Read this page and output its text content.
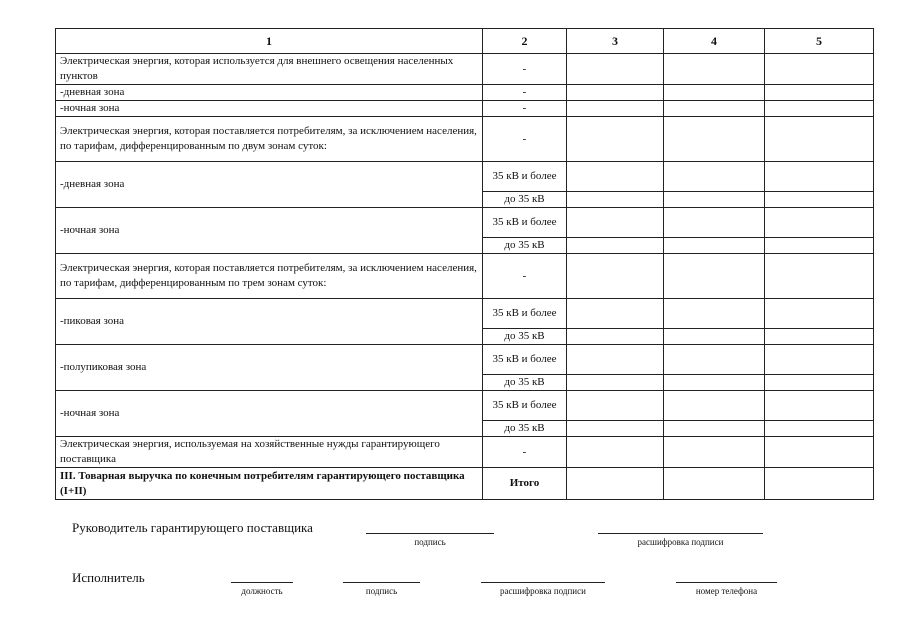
1	2	3	4	5
Электрическая энергия, которая используется для внешнего освещения населенных пунктов	-			
-дневная зона	-			
-ночная зона	-			
Электрическая энергия, которая поставляется потребителям, за исключением населения, по тарифам, дифференцированным по двум зонам суток:	-			
-дневная зона	35 кВ и более			
	до 35 кВ			
-ночная зона	35 кВ и более			
	до 35 кВ			
Электрическая энергия, которая поставляется потребителям, за исключением населения, по тарифам, дифференцированным по трем зонам суток:	-			
-пиковая зона	35 кВ и более			
	до 35 кВ			
-полупиковая зона	35 кВ и более			
	до 35 кВ			
-ночная зона	35 кВ и более			
	до 35 кВ			
Электрическая энергия, используемая на хозяйственные нужды гарантирующего поставщика	-			
III. Товарная выручка по конечным потребителям гарантирующего поставщика (I+II)	Итого			
Руководитель гарантирующего поставщика
подпись	расшифровка подписи
Исполнитель
должность	подпись	расшифровка подписи	номер телефона
